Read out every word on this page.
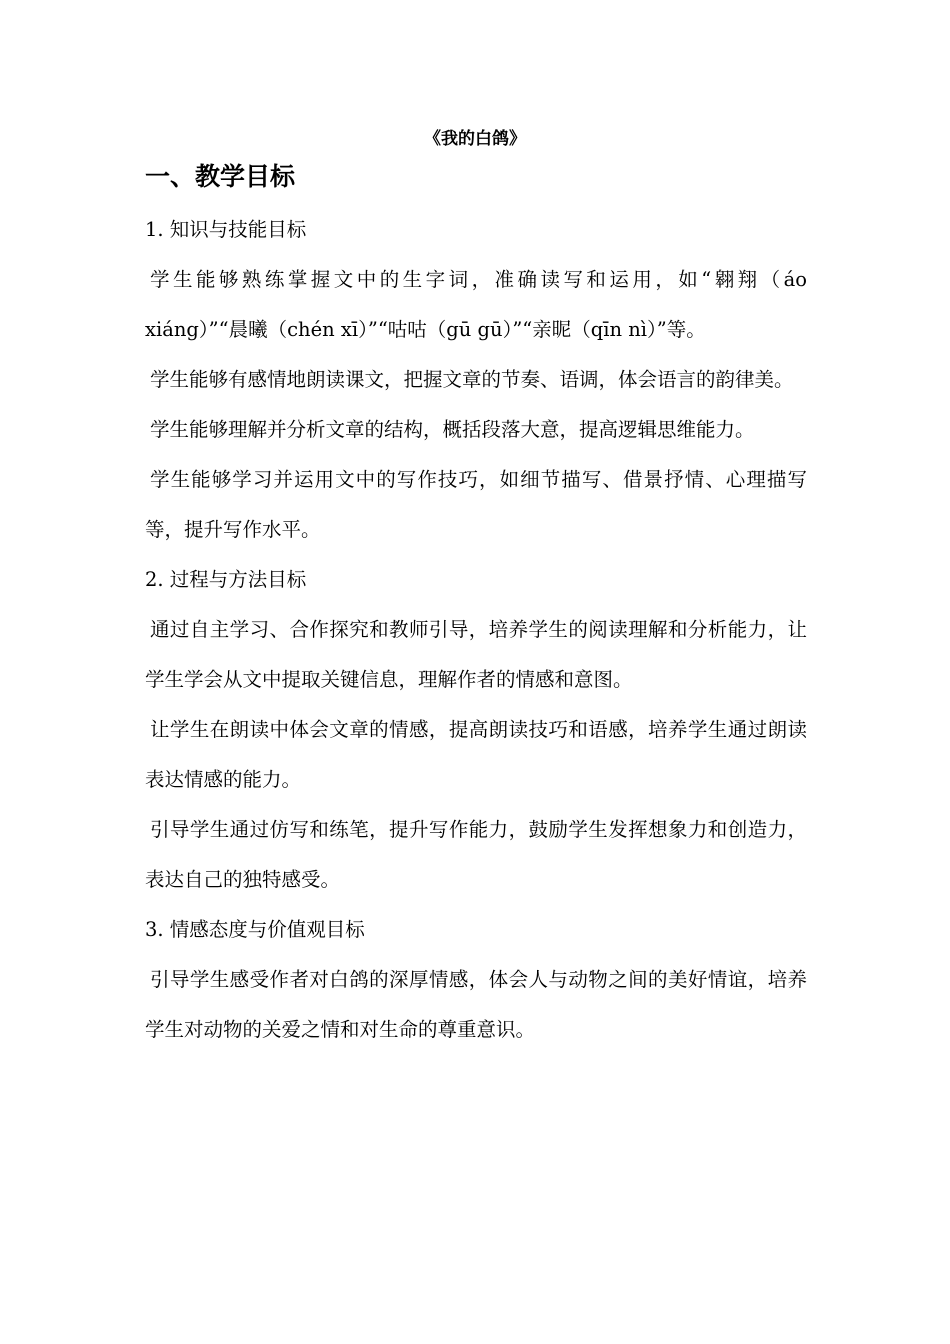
《我的白鸽》
一、教学目标
1. 知识与技能目标

学生能够熟练掌握文中的生字词，准确读写和运用，如“翱翔（áo xiáng）”“晨曦（chén xī）”“咕咕（gū gū）”“亲昵（qīn nì）”等。

学生能够有感情地朗读课文，把握文章的节奏、语调，体会语言的韵律美。

学生能够理解并分析文章的结构，概括段落大意，提高逻辑思维能力。

学生能够学习并运用文中的写作技巧，如细节描写、借景抒情、心理描写等，提升写作水平。

2. 过程与方法目标

通过自主学习、合作探究和教师引导，培养学生的阅读理解和分析能力，让学生学会从文中提取关键信息，理解作者的情感和意图。

让学生在朗读中体会文章的情感，提高朗读技巧和语感，培养学生通过朗读表达情感的能力。

引导学生通过仿写和练笔，提升写作能力，鼓励学生发挥想象力和创造力，表达自己的独特感受。

3. 情感态度与价值观目标

引导学生感受作者对白鸽的深厚情感，体会人与动物之间的美好情谊，培养学生对动物的关爱之情和对生命的尊重意识。
